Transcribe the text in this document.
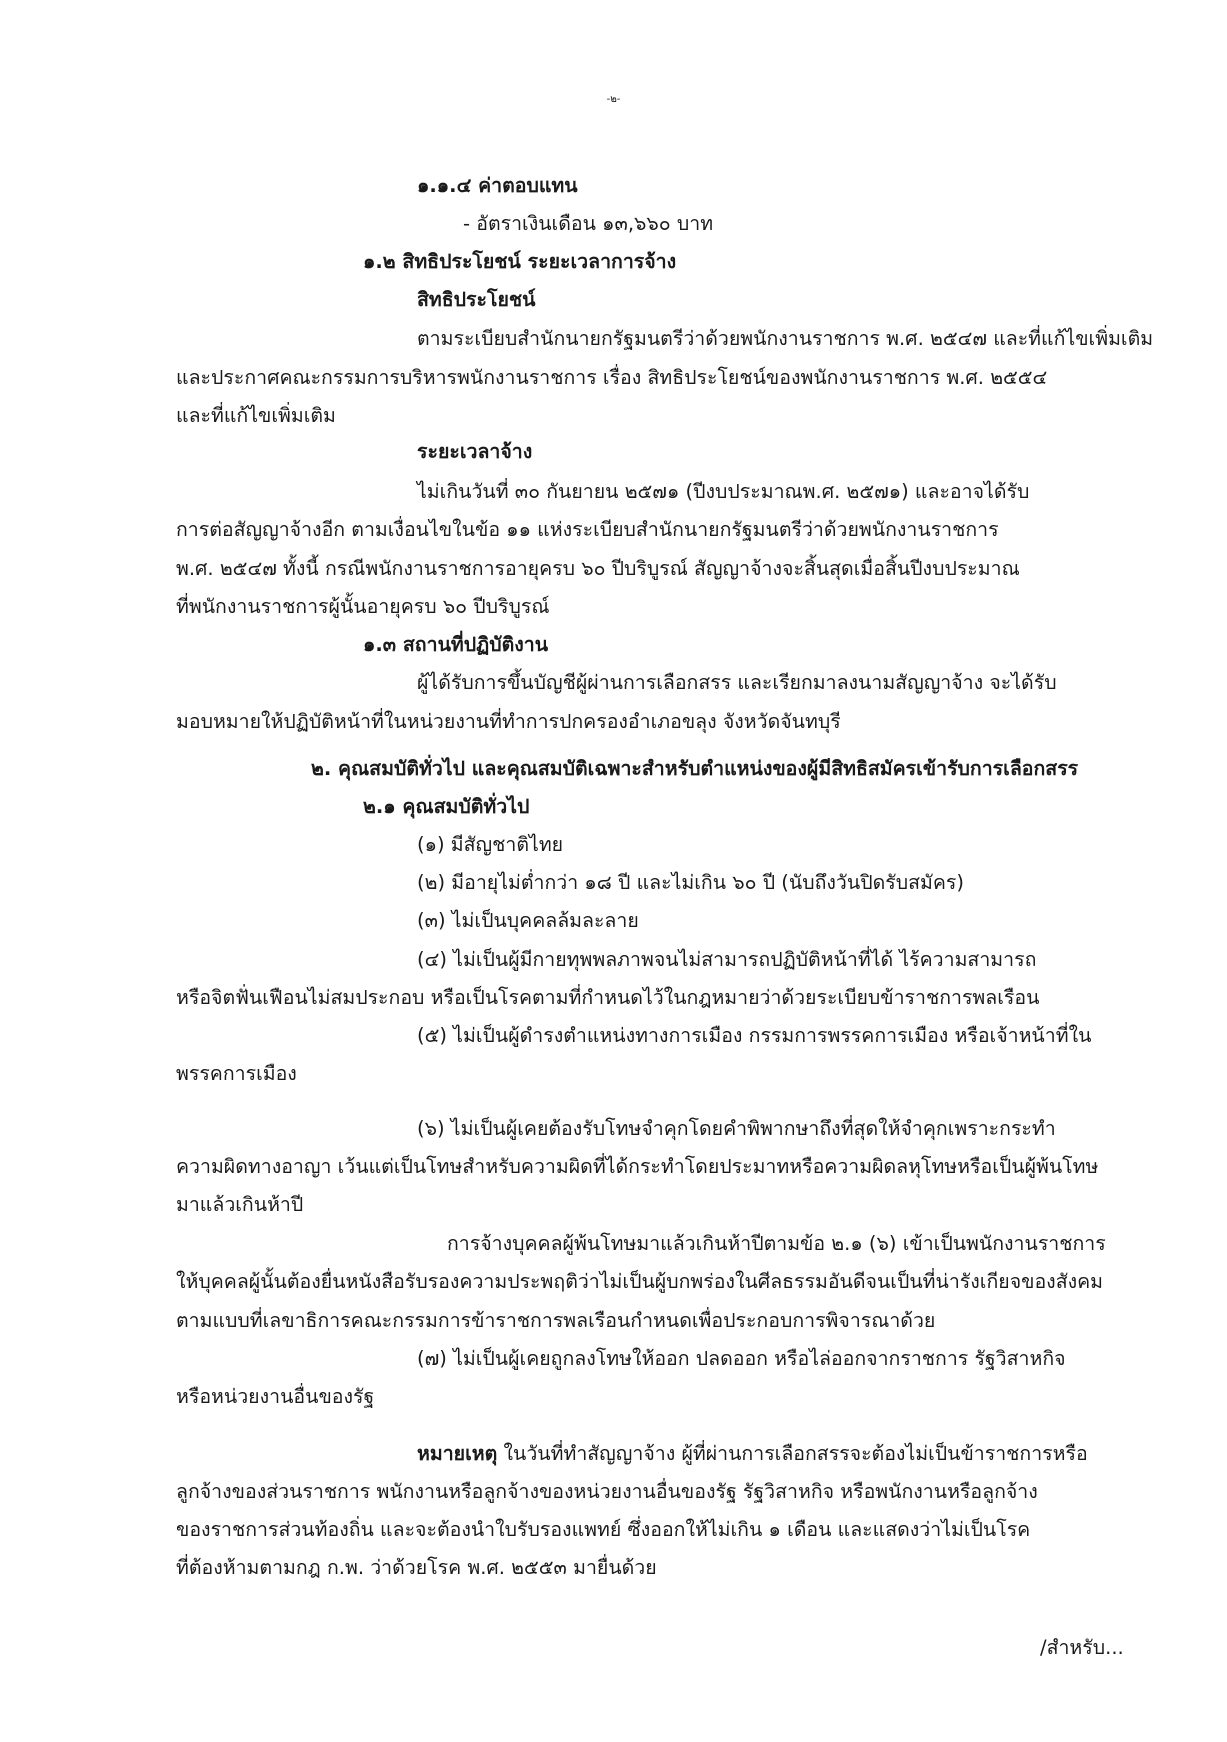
-๒-
๑.๑.๔ ค่าตอบแทน
- อัตราเงินเดือน ๑๓,๖๖๐ บาท
๑.๒ สิทธิประโยชน์ ระยะเวลาการจ้าง
สิทธิประโยชน์
ตามระเบียบสำนักนายกรัฐมนตรีว่าด้วยพนักงานราชการ พ.ศ. ๒๕๔๗ และที่แก้ไขเพิ่มเติม
และประกาศคณะกรรมการบริหารพนักงานราชการ เรื่อง สิทธิประโยชน์ของพนักงานราชการ พ.ศ. ๒๕๕๔
และที่แก้ไขเพิ่มเติม
ระยะเวลาจ้าง
ไม่เกินวันที่ ๓๐ กันยายน ๒๕๗๑ (ปีงบประมาณพ.ศ. ๒๕๗๑) และอาจได้รับ
การต่อสัญญาจ้างอีก ตามเงื่อนไขในข้อ ๑๑ แห่งระเบียบสำนักนายกรัฐมนตรีว่าด้วยพนักงานราชการ
พ.ศ. ๒๕๔๗ ทั้งนี้ กรณีพนักงานราชการอายุครบ ๖๐ ปีบริบูรณ์ สัญญาจ้างจะสิ้นสุดเมื่อสิ้นปีงบประมาณ
ที่พนักงานราชการผู้นั้นอายุครบ ๖๐ ปีบริบูรณ์
๑.๓ สถานที่ปฏิบัติงาน
ผู้ได้รับการขึ้นบัญชีผู้ผ่านการเลือกสรร และเรียกมาลงนามสัญญาจ้าง จะได้รับ
มอบหมายให้ปฏิบัติหน้าที่ในหน่วยงานที่ทำการปกครองอำเภอขลุง จังหวัดจันทบุรี
๒. คุณสมบัติทั่วไป และคุณสมบัติเฉพาะสำหรับตำแหน่งของผู้มีสิทธิสมัครเข้ารับการเลือกสรร
๒.๑ คุณสมบัติทั่วไป
(๑) มีสัญชาติไทย
(๒) มีอายุไม่ต่ำกว่า ๑๘ ปี และไม่เกิน ๖๐ ปี (นับถึงวันปิดรับสมัคร)
(๓) ไม่เป็นบุคคลล้มละลาย
(๔) ไม่เป็นผู้มีกายทุพพลภาพจนไม่สามารถปฏิบัติหน้าที่ได้ ไร้ความสามารถ
หรือจิตฟั่นเฟือนไม่สมประกอบ หรือเป็นโรคตามที่กำหนดไว้ในกฎหมายว่าด้วยระเบียบข้าราชการพลเรือน
(๕) ไม่เป็นผู้ดำรงตำแหน่งทางการเมือง กรรมการพรรคการเมือง หรือเจ้าหน้าที่ใน
พรรคการเมือง
(๖) ไม่เป็นผู้เคยต้องรับโทษจำคุกโดยคำพิพากษาถึงที่สุดให้จำคุกเพราะกระทำ
ความผิดทางอาญา เว้นแต่เป็นโทษสำหรับความผิดที่ได้กระทำโดยประมาทหรือความผิดลหุโทษหรือเป็นผู้พ้นโทษ
มาแล้วเกินห้าปี
การจ้างบุคคลผู้พ้นโทษมาแล้วเกินห้าปีตามข้อ ๒.๑ (๖) เข้าเป็นพนักงานราชการ
ให้บุคคลผู้นั้นต้องยื่นหนังสือรับรองความประพฤติว่าไม่เป็นผู้บกพร่องในศีลธรรมอันดีจนเป็นที่น่ารังเกียจของสังคม
ตามแบบที่เลขาธิการคณะกรรมการข้าราชการพลเรือนกำหนดเพื่อประกอบการพิจารณาด้วย
(๗) ไม่เป็นผู้เคยถูกลงโทษให้ออก ปลดออก หรือไล่ออกจากราชการ รัฐวิสาหกิจ
หรือหน่วยงานอื่นของรัฐ
หมายเหตุ ในวันที่ทำสัญญาจ้าง ผู้ที่ผ่านการเลือกสรรจะต้องไม่เป็นข้าราชการหรือ
ลูกจ้างของส่วนราชการ พนักงานหรือลูกจ้างของหน่วยงานอื่นของรัฐ รัฐวิสาหกิจ หรือพนักงานหรือลูกจ้าง
ของราชการส่วนท้องถิ่น และจะต้องนำใบรับรองแพทย์ ซึ่งออกให้ไม่เกิน ๑ เดือน และแสดงว่าไม่เป็นโรค
ที่ต้องห้ามตามกฎ ก.พ. ว่าด้วยโรค พ.ศ. ๒๕๕๓ มายื่นด้วย
/สำหรับ...
